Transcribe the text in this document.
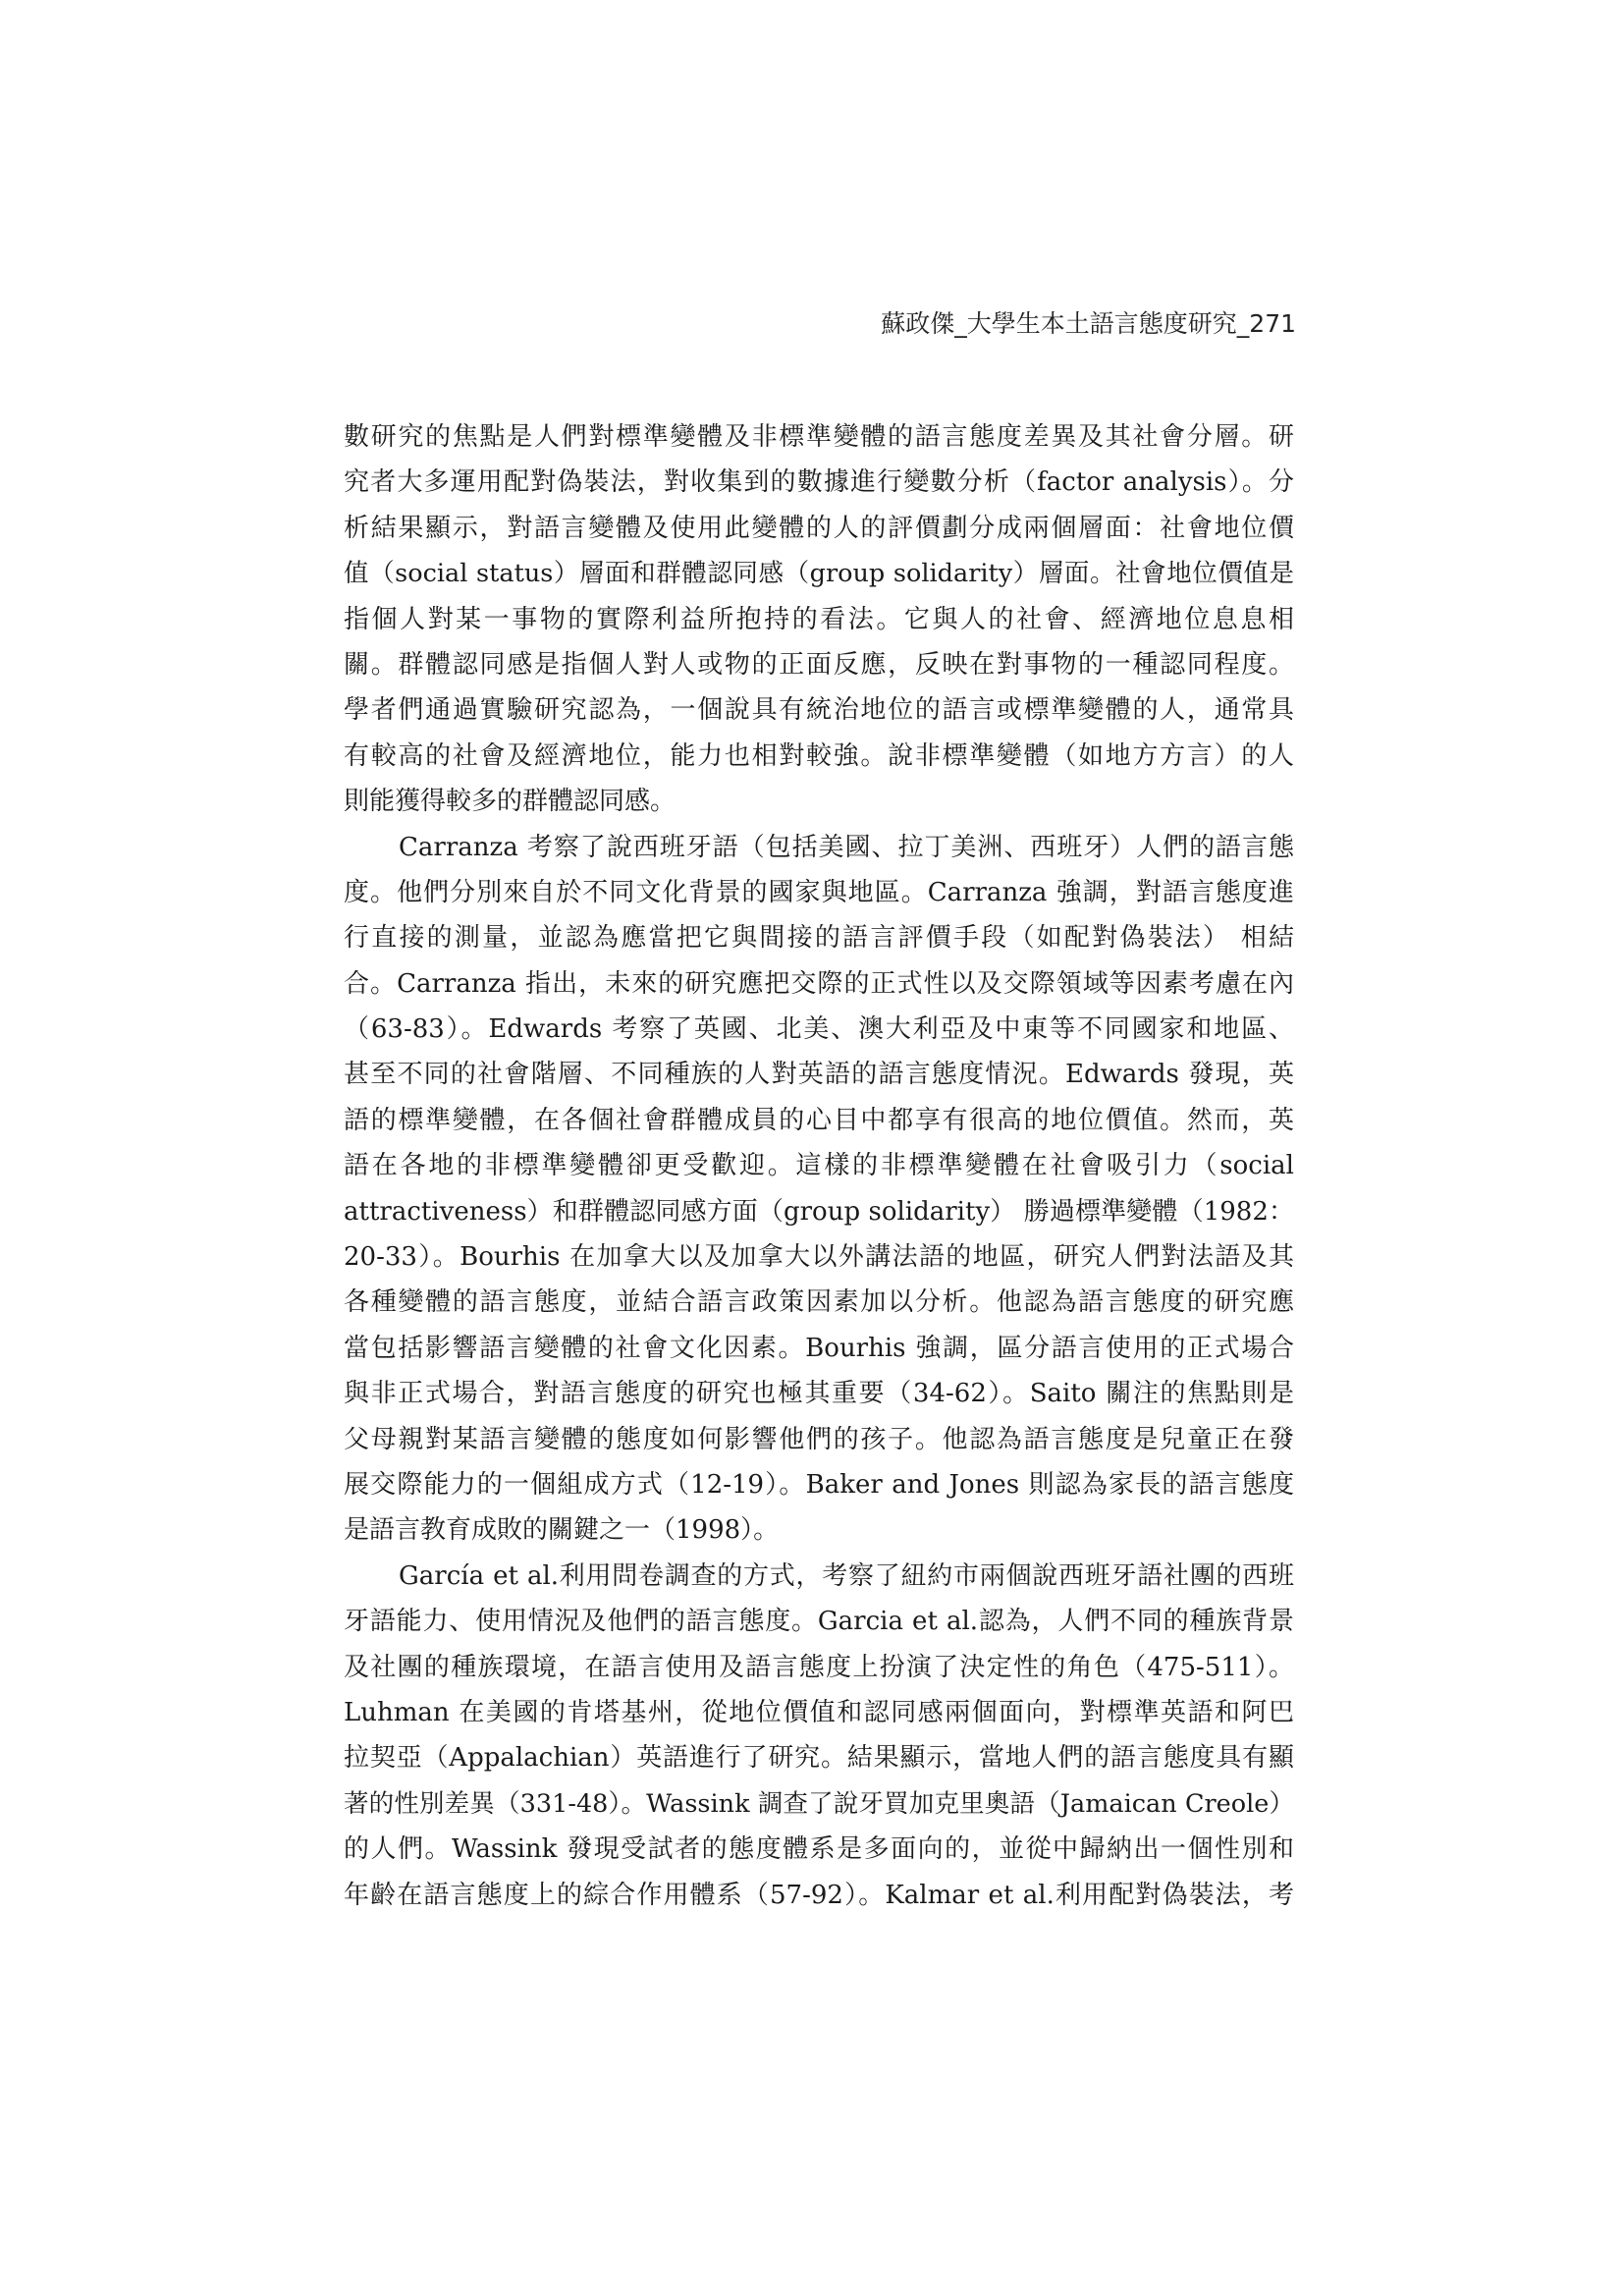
蘇政傑_大學生本土語言態度研究_271
數研究的焦點是人們對標準變體及非標準變體的語言態度差異及其社會分層。研
究者大多運用配對偽裝法，對收集到的數據進行變數分析（factor analysis）。分
析結果顯示，對語言變體及使用此變體的人的評價劃分成兩個層面：社會地位價
值（social status）層面和群體認同感（group solidarity）層面。社會地位價值是
指個人對某一事物的實際利益所抱持的看法。它與人的社會、經濟地位息息相
關。群體認同感是指個人對人或物的正面反應，反映在對事物的一種認同程度。
學者們通過實驗研究認為，一個說具有統治地位的語言或標準變體的人，通常具
有較高的社會及經濟地位，能力也相對較強。說非標準變體（如地方方言）的人
則能獲得較多的群體認同感。
Carranza 考察了說西班牙語（包括美國、拉丁美洲、西班牙）人們的語言態
度。他們分別來自於不同文化背景的國家與地區。Carranza 強調，對語言態度進
行直接的測量，並認為應當把它與間接的語言評價手段（如配對偽裝法） 相結
合。Carranza 指出，未來的研究應把交際的正式性以及交際領域等因素考慮在內
（63-83）。Edwards 考察了英國、北美、澳大利亞及中東等不同國家和地區、
甚至不同的社會階層、不同種族的人對英語的語言態度情況。Edwards 發現，英
語的標準變體，在各個社會群體成員的心目中都享有很高的地位價值。然而，英
語在各地的非標準變體卻更受歡迎。這樣的非標準變體在社會吸引力（social
attractiveness）和群體認同感方面（group solidarity） 勝過標準變體（1982：
20-33）。Bourhis 在加拿大以及加拿大以外講法語的地區，研究人們對法語及其
各種變體的語言態度，並結合語言政策因素加以分析。他認為語言態度的研究應
當包括影響語言變體的社會文化因素。Bourhis 強調，區分語言使用的正式場合
與非正式場合，對語言態度的研究也極其重要（34-62）。Saito 關注的焦點則是
父母親對某語言變體的態度如何影響他們的孩子。他認為語言態度是兒童正在發
展交際能力的一個組成方式（12-19）。Baker and Jones 則認為家長的語言態度
是語言教育成敗的關鍵之一（1998）。
García et al.利用問卷調查的方式，考察了紐約市兩個說西班牙語社團的西班
牙語能力、使用情況及他們的語言態度。Garcia et al.認為，人們不同的種族背景
及社團的種族環境，在語言使用及語言態度上扮演了決定性的角色（475-511）。
Luhman 在美國的肯塔基州，從地位價值和認同感兩個面向，對標準英語和阿巴
拉契亞（Appalachian）英語進行了研究。結果顯示，當地人們的語言態度具有顯
著的性別差異（331-48）。Wassink 調查了說牙買加克里奧語（Jamaican Creole）
的人們。Wassink 發現受試者的態度體系是多面向的，並從中歸納出一個性別和
年齡在語言態度上的綜合作用體系（57-92）。Kalmar et al.利用配對偽裝法，考
